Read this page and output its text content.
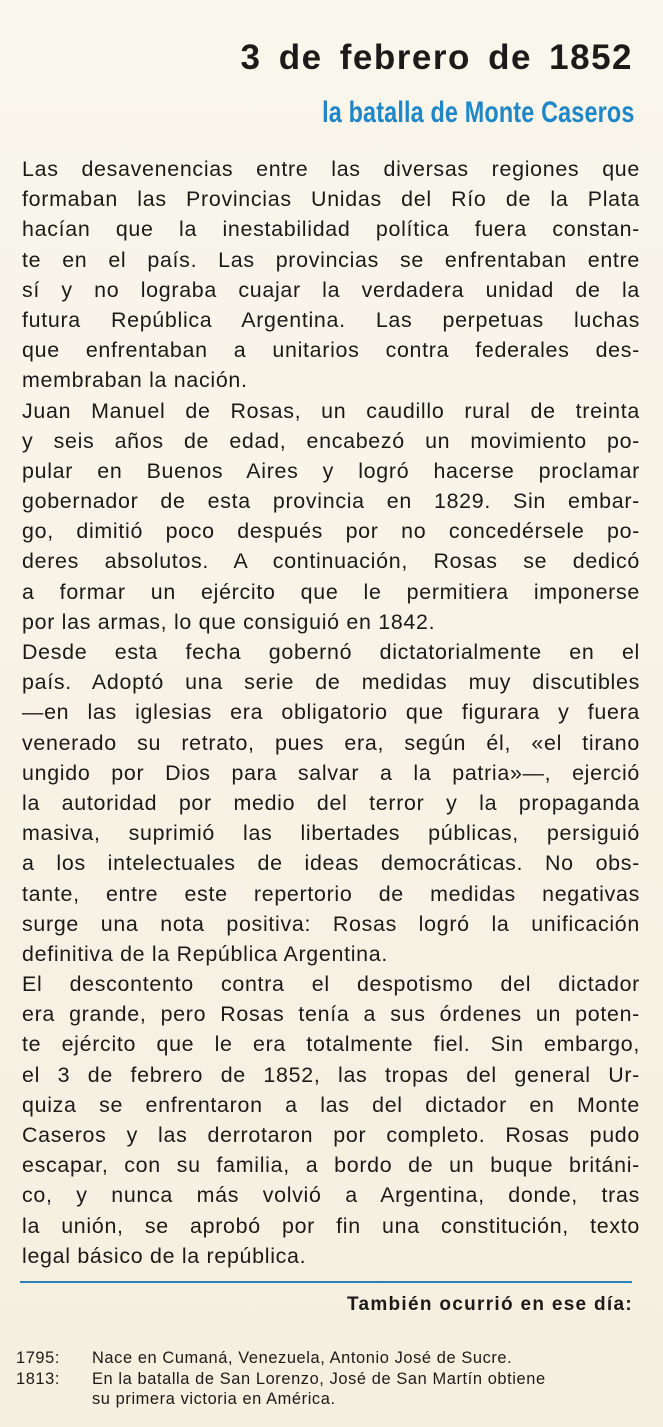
3 de febrero de 1852
la batalla de Monte Caseros
Las desavenencias entre las diversas regiones que
formaban las Provincias Unidas del Río de la Plata
hacían que la inestabilidad política fuera constan-
te en el país. Las provincias se enfrentaban entre
sí y no lograba cuajar la verdadera unidad de la
futura República Argentina. Las perpetuas luchas
que enfrentaban a unitarios contra federales des-
membraban la nación.
Juan Manuel de Rosas, un caudillo rural de treinta
y seis años de edad, encabezó un movimiento po-
pular en Buenos Aires y logró hacerse proclamar
gobernador de esta provincia en 1829. Sin embar-
go, dimitió poco después por no concedérsele po-
deres absolutos. A continuación, Rosas se dedicó
a formar un ejército que le permitiera imponerse
por las armas, lo que consiguió en 1842.
Desde esta fecha gobernó dictatorialmente en el
país. Adoptó una serie de medidas muy discutibles
—en las iglesias era obligatorio que figurara y fuera
venerado su retrato, pues era, según él, «el tirano
ungido por Dios para salvar a la patria»—, ejerció
la autoridad por medio del terror y la propaganda
masiva, suprimió las libertades públicas, persiguió
a los intelectuales de ideas democráticas. No obs-
tante, entre este repertorio de medidas negativas
surge una nota positiva: Rosas logró la unificación
definitiva de la República Argentina.
El descontento contra el despotismo del dictador
era grande, pero Rosas tenía a sus órdenes un poten-
te ejército que le era totalmente fiel. Sin embargo,
el 3 de febrero de 1852, las tropas del general Ur-
quiza se enfrentaron a las del dictador en Monte
Caseros y las derrotaron por completo. Rosas pudo
escapar, con su familia, a bordo de un buque británi-
co, y nunca más volvió a Argentina, donde, tras
la unión, se aprobó por fin una constitución, texto
legal básico de la república.
También ocurrió en ese día:
1795:	Nace en Cumaná, Venezuela, Antonio José de Sucre.
1813:	En la batalla de San Lorenzo, José de San Martín obtiene
su primera victoria en América.
